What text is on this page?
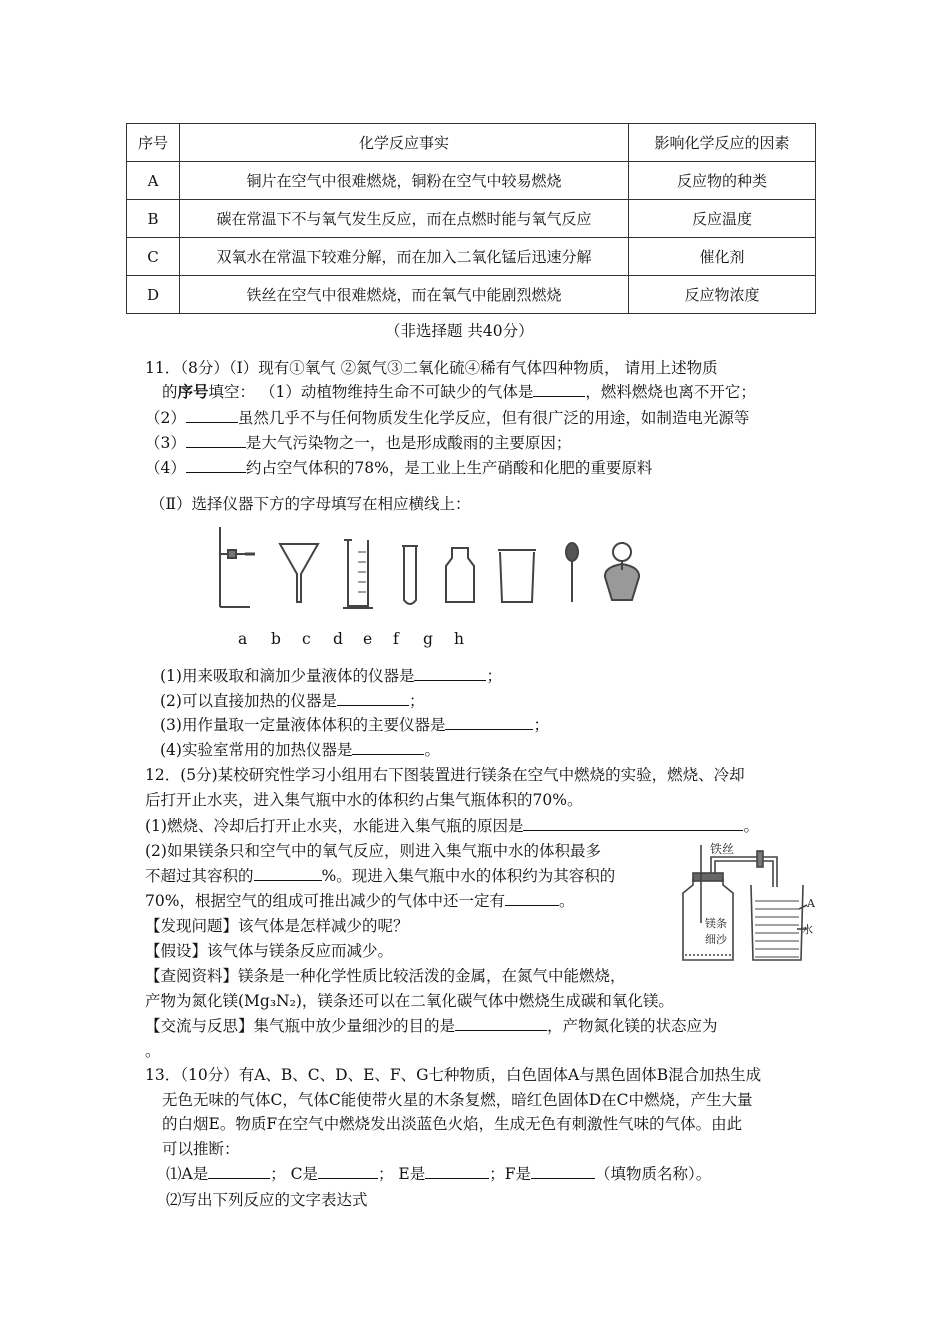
序号	化学反应事实	影响化学反应的因素
A	铜片在空气中很难燃烧，铜粉在空气中较易燃烧	反应物的种类
B	碳在常温下不与氧气发生反应，而在点燃时能与氧气反应	反应温度
C	双氧水在常温下较难分解，而在加入二氧化锰后迅速分解	催化剂
D	铁丝在空气中很难燃烧，而在氧气中能剧烈燃烧	反应物浓度
（非选择题 共40分）
11．（8分）（Ⅰ）现有①氧气 ②氮气③二氧化硫④稀有气体四种物质， 请用上述物质
的序号填空： （1）动植物维持生命不可缺少的气体是	，燃料燃烧也离不开它；
（2）	虽然几乎不与任何物质发生化学反应，但有很广泛的用途，如制造电光源等
（3）	是大气污染物之一，也是形成酸雨的主要原因；
（4）	约占空气体积的78%，是工业上生产硝酸和化肥的重要原料
（Ⅱ）选择仪器下方的字母填写在相应横线上：
a b c d e f g h
(1)用来吸取和滴加少量液体的仪器是	；
(2)可以直接加热的仪器是	；
(3)用作量取一定量液体体积的主要仪器是	；
(4)实验室常用的加热仪器是	。
12．(5分)某校研究性学习小组用右下图装置进行镁条在空气中燃烧的实验，燃烧、冷却
后打开止水夹，进入集气瓶中水的体积约占集气瓶体积的70%。
(1)燃烧、冷却后打开止水夹，水能进入集气瓶的原因是	。
(2)如果镁条只和空气中的氧气反应，则进入集气瓶中水的体积最多
不超过其容积的	%。现进入集气瓶中水的体积约为其容积的
70%，根据空气的组成可推出减少的气体中还一定有	。
【发现问题】该气体是怎样减少的呢？
【假设】该气体与镁条反应而减少。
【查阅资料】镁条是一种化学性质比较活泼的金属，在氮气中能燃烧，
产物为氮化镁(Mg₃N₂)，镁条还可以在二氧化碳气体中燃烧生成碳和氧化镁。
【交流与反思】集气瓶中放少量细沙的目的是	，产物氮化镁的状态应为
。
铁丝
镁条
细沙
A
水
13．（10分）有A、B、C、D、E、F、G七种物质，白色固体A与黑色固体B混合加热生成
无色无味的气体C，气体C能使带火星的木条复燃，暗红色固体D在C中燃烧，产生大量
的白烟E。物质F在空气中燃烧发出淡蓝色火焰，生成无色有刺激性气味的气体。由此
可以推断：
⑴A是	； C是	； E是	；F是	（填物质名称）。
⑵写出下列反应的文字表达式
